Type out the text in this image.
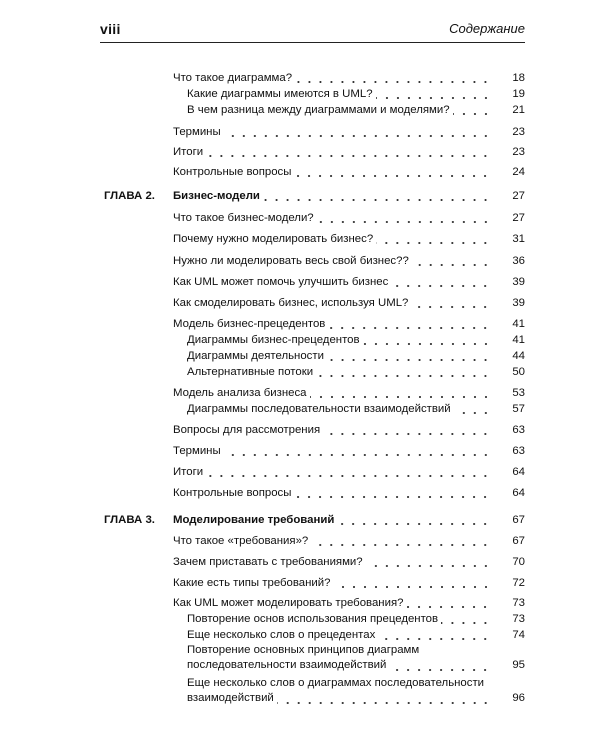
viii	Содержание
Что такое диаграмма?	18
Какие диаграммы имеются в UML?	19
В чем разница между диаграммами и моделями?	21
Термины	23
Итоги	23
Контрольные вопросы	24
ГЛАВА 2. Бизнес-модели	27
Что такое бизнес-модели?	27
Почему нужно моделировать бизнес?	31
Нужно ли моделировать весь свой бизнес??	36
Как UML может помочь улучшить бизнес	39
Как смоделировать бизнес, используя UML?	39
Модель бизнес-прецедентов	41
Диаграммы бизнес-прецедентов	41
Диаграммы деятельности	44
Альтернативные потоки	50
Модель анализа бизнеса	53
Диаграммы последовательности взаимодействий	57
Вопросы для рассмотрения	63
Термины	63
Итоги	64
Контрольные вопросы	64
ГЛАВА 3. Моделирование требований	67
Что такое «требования»?	67
Зачем приставать с требованиями?	70
Какие есть типы требований?	72
Как UML может моделировать требования?	73
Повторение основ использования прецедентов	73
Еще несколько слов о прецедентах	74
Повторение основных принципов диаграмм
последовательности взаимодействий	95
Еще несколько слов о диаграммах последовательности
взаимодействий	96
